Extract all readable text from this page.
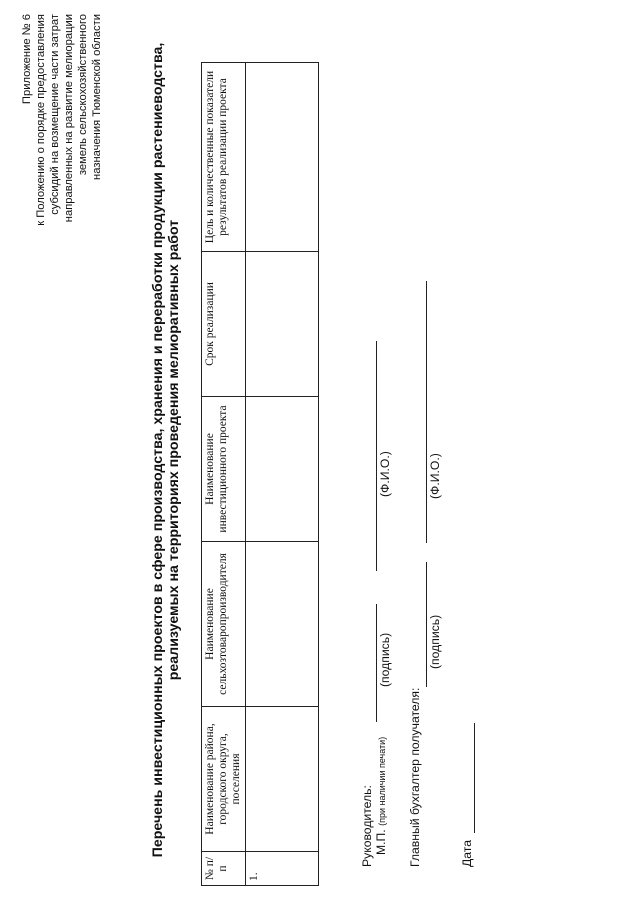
Приложение № 6 к Положению о порядке предоставления субсидий на возмещение части затрат направленных на развитие мелиорации земель сельскохозяйственного назначения Тюменской области	Перечень инвестиционных проектов в сфере производства, хранения и переработки продукции растениеводства, реализуемых на территориях проведения мелиоративных работ
№ п/п	Наименование района, городского округа, поселения	Наименование сельхозтоваропроизводителя	Наименование инвестиционного проекта	Срок реализации	Цель и количественные показатели результатов реализации проекта
1.					
Руководитель: М.П. (при наличии печати)
(подпись)
(Ф.И.О.)
Главный бухгалтер получателя:
(подпись)
(Ф.И.О.)
Дата
